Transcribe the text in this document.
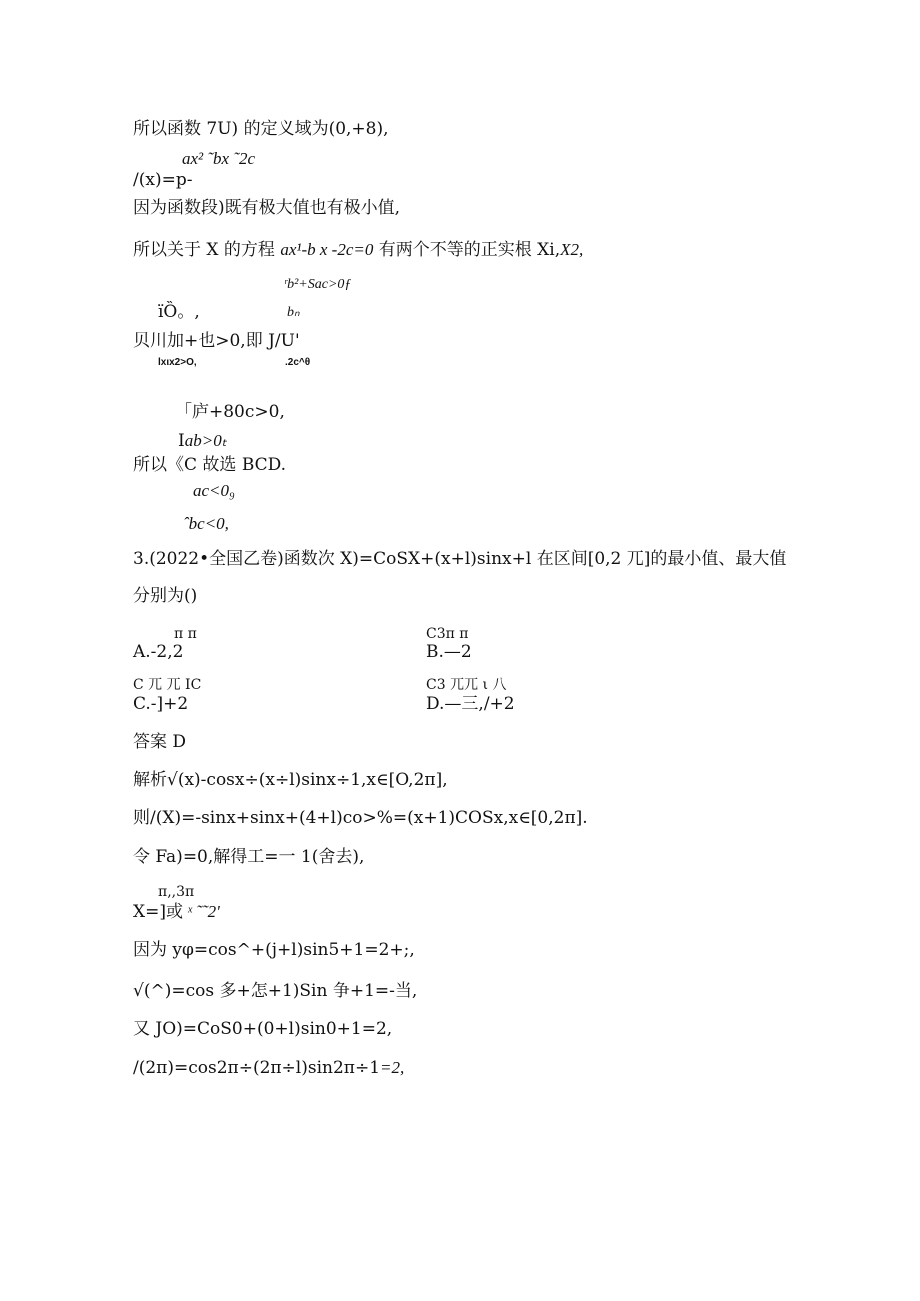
所以函数 7U) 的定义域为(0,+8),
ax² ˜bx ˜2c
/(x)=p-
因为函数段)既有极大值也有极小值,
所以关于 X 的方程 ax¹-b x -2c=0 有两个不等的正实根 Xi,X2,
ʳb²+Sac>0ƒ
ïȌ。,	bₙ
贝川加+也>0,即 J/U'
lxιx2>O,	.2c^θ
「庐+80c>0,
Iab>0ₜ
所以《C 故选 BCD.
ac<0₉
ˆbc<0,
3.(2022•全国乙卷)函数次 X)=CoSX+(x+l)sinx+l 在区间[0,2 兀]的最小值、最大值
分别为()
π π
A.-2,2
C3π π
B.—2
C 兀 兀 IC
C.-]+2
C3 兀兀 ι 八
D.—三,/+2
答案 D
解析√(x)-cosx÷(x÷l)sinx÷1,x∈[O,2π],
则/(X)=-sinx+sinx+(4+l)co>%=(x+1)COSx,x∈[0,2π].
令 Fa)=0,解得工=一 1(舍去),
π,,3π
X=]或 ˣ ˜˜2'
因为 yφ=cos^+(j+l)sin5+1=2+;,
√(^)=cos 多+怎+1)Sin 争+1=-当,
又 JO)=CoS0+(0+l)sin0+1=2,
/(2π)=cos2π÷(2π÷l)sin2π÷1=2,
